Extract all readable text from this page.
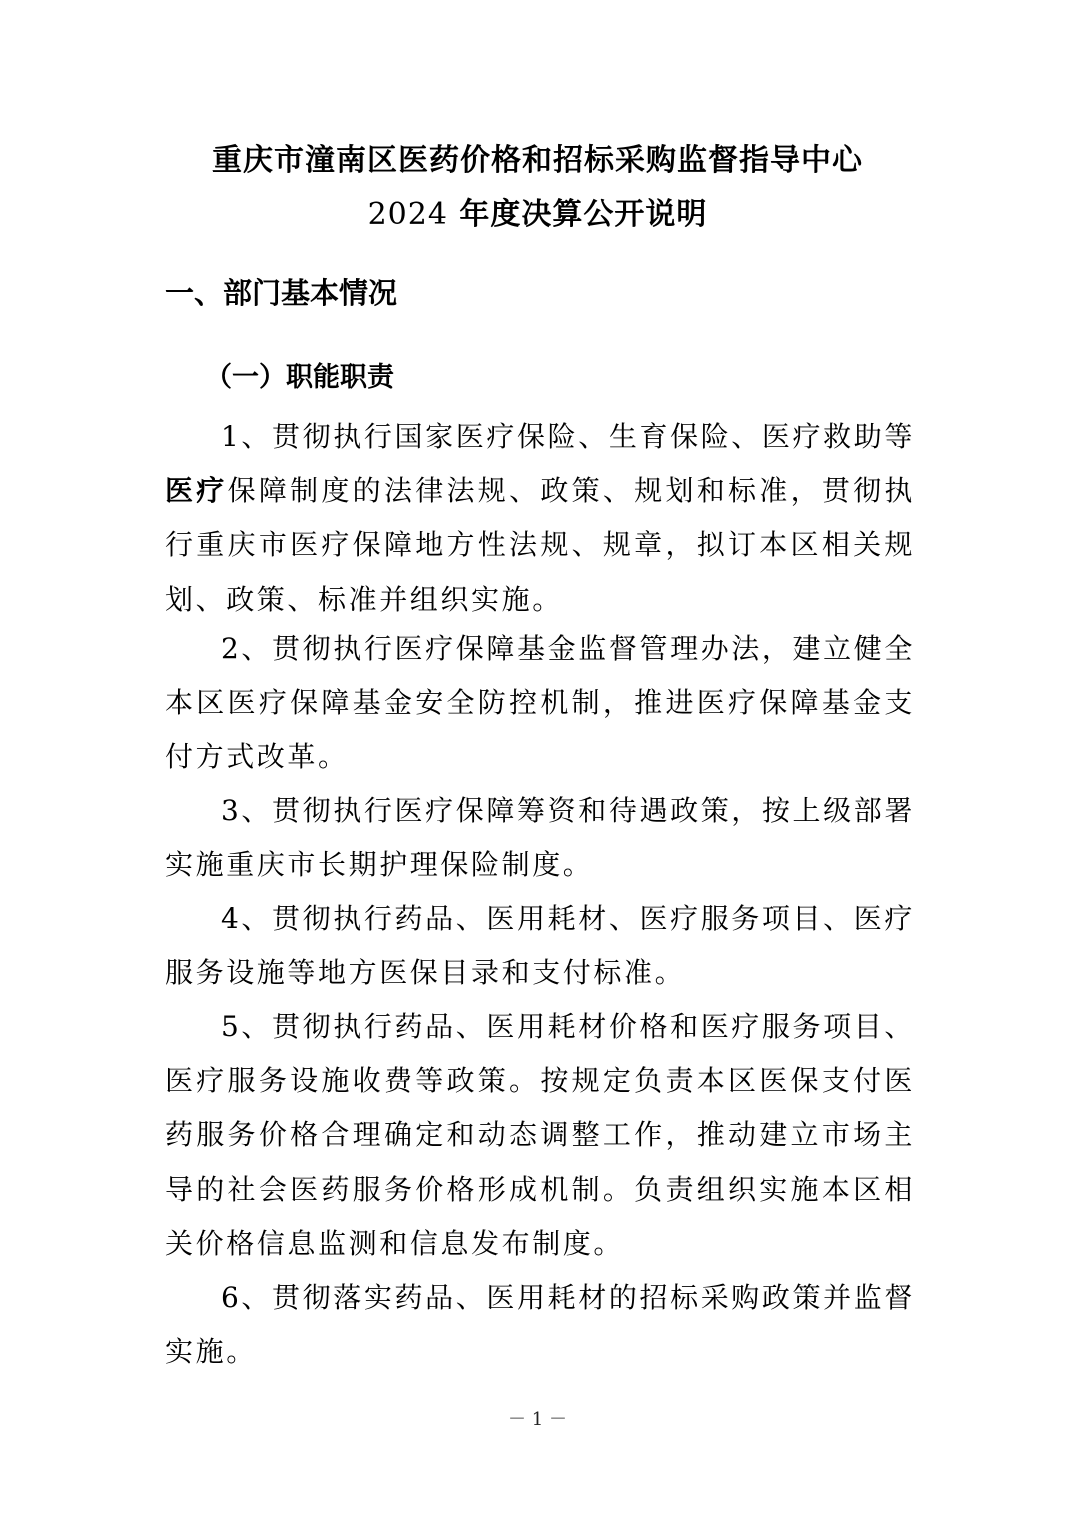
重庆市潼南区医药价格和招标采购监督指导中心
2024 年度决算公开说明
一、部门基本情况
（一）职能职责

1、贯彻执行国家医疗保险、生育保险、医疗救助等医疗保障制度的法律法规、政策、规划和标准，贯彻执行重庆市医疗保障地方性法规、规章，拟订本区相关规划、政策、标准并组织实施。

2、贯彻执行医疗保障基金监督管理办法，建立健全本区医疗保障基金安全防控机制，推进医疗保障基金支付方式改革。

3、贯彻执行医疗保障筹资和待遇政策，按上级部署实施重庆市长期护理保险制度。

4、贯彻执行药品、医用耗材、医疗服务项目、医疗服务设施等地方医保目录和支付标准。

5、贯彻执行药品、医用耗材价格和医疗服务项目、医疗服务设施收费等政策。按规定负责本区医保支付医药服务价格合理确定和动态调整工作，推动建立市场主导的社会医药服务价格形成机制。负责组织实施本区相关价格信息监测和信息发布制度。

6、贯彻落实药品、医用耗材的招标采购政策并监督实施。

－ 1 －
